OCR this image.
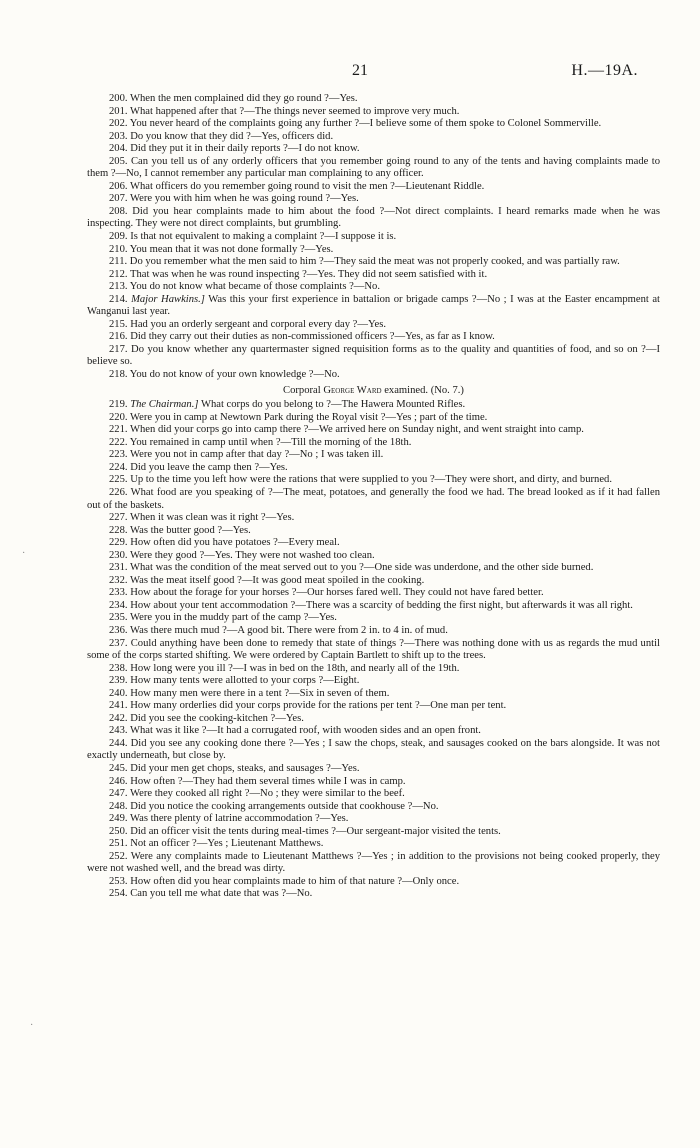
21	H.—19A.

200. When the men complained did they go round ?—Yes.

201. What happened after that ?—The things never seemed to improve very much.

202. You never heard of the complaints going any further ?—I believe some of them spoke to Colonel Sommerville.

203. Do you know that they did ?—Yes, officers did.

204. Did they put it in their daily reports ?—I do not know.

205. Can you tell us of any orderly officers that you remember going round to any of the tents and having complaints made to them ?—No, I cannot remember any particular man complaining to any officer.

206. What officers do you remember going round to visit the men ?—Lieutenant Riddle.

207. Were you with him when he was going round ?—Yes.

208. Did you hear complaints made to him about the food ?—Not direct complaints. I heard remarks made when he was inspecting. They were not direct complaints, but grumbling.

209. Is that not equivalent to making a complaint ?—I suppose it is.

210. You mean that it was not done formally ?—Yes.

211. Do you remember what the men said to him ?—They said the meat was not properly cooked, and was partially raw.

212. That was when he was round inspecting ?—Yes. They did not seem satisfied with it.

213. You do not know what became of those complaints ?—No.

214. Major Hawkins.] Was this your first experience in battalion or brigade camps ?—No ; I was at the Easter encampment at Wanganui last year.

215. Had you an orderly sergeant and corporal every day ?—Yes.

216. Did they carry out their duties as non-commissioned officers ?—Yes, as far as I know.

217. Do you know whether any quartermaster signed requisition forms as to the quality and quantities of food, and so on ?—I believe so.

218. You do not know of your own knowledge ?—No.

Corporal George Ward examined. (No. 7.)

219. The Chairman.] What corps do you belong to ?—The Hawera Mounted Rifles.

220. Were you in camp at Newtown Park during the Royal visit ?—Yes ; part of the time.

221. When did your corps go into camp there ?—We arrived here on Sunday night, and went straight into camp.

222. You remained in camp until when ?—Till the morning of the 18th.

223. Were you not in camp after that day ?—No ; I was taken ill.

224. Did you leave the camp then ?—Yes.

225. Up to the time you left how were the rations that were supplied to you ?—They were short, and dirty, and burned.

226. What food are you speaking of ?—The meat, potatoes, and generally the food we had. The bread looked as if it had fallen out of the baskets.

227. When it was clean was it right ?—Yes.

228. Was the butter good ?—Yes.

229. How often did you have potatoes ?—Every meal.

230. Were they good ?—Yes. They were not washed too clean.

231. What was the condition of the meat served out to you ?—One side was underdone, and the other side burned.

232. Was the meat itself good ?—It was good meat spoiled in the cooking.

233. How about the forage for your horses ?—Our horses fared well. They could not have fared better.

234. How about your tent accommodation ?—There was a scarcity of bedding the first night, but afterwards it was all right.

235. Were you in the muddy part of the camp ?—Yes.

236. Was there much mud ?—A good bit. There were from 2 in. to 4 in. of mud.

237. Could anything have been done to remedy that state of things ?—There was nothing done with us as regards the mud until some of the corps started shifting. We were ordered by Captain Bartlett to shift up to the trees.

238. How long were you ill ?—I was in bed on the 18th, and nearly all of the 19th.

239. How many tents were allotted to your corps ?—Eight.

240. How many men were there in a tent ?—Six in seven of them.

241. How many orderlies did your corps provide for the rations per tent ?—One man per tent.

242. Did you see the cooking-kitchen ?—Yes.

243. What was it like ?—It had a corrugated roof, with wooden sides and an open front.

244. Did you see any cooking done there ?—Yes ; I saw the chops, steak, and sausages cooked on the bars alongside. It was not exactly underneath, but close by.

245. Did your men get chops, steaks, and sausages ?—Yes.

246. How often ?—They had them several times while I was in camp.

247. Were they cooked all right ?—No ; they were similar to the beef.

248. Did you notice the cooking arrangements outside that cookhouse ?—No.

249. Was there plenty of latrine accommodation ?—Yes.

250. Did an officer visit the tents during meal-times ?—Our sergeant-major visited the tents.

251. Not an officer ?—Yes ; Lieutenant Matthews.

252. Were any complaints made to Lieutenant Matthews ?—Yes ; in addition to the provisions not being cooked properly, they were not washed well, and the bread was dirty.

253. How often did you hear complaints made to him of that nature ?—Only once.

254. Can you tell me what date that was ?—No.

·
·
